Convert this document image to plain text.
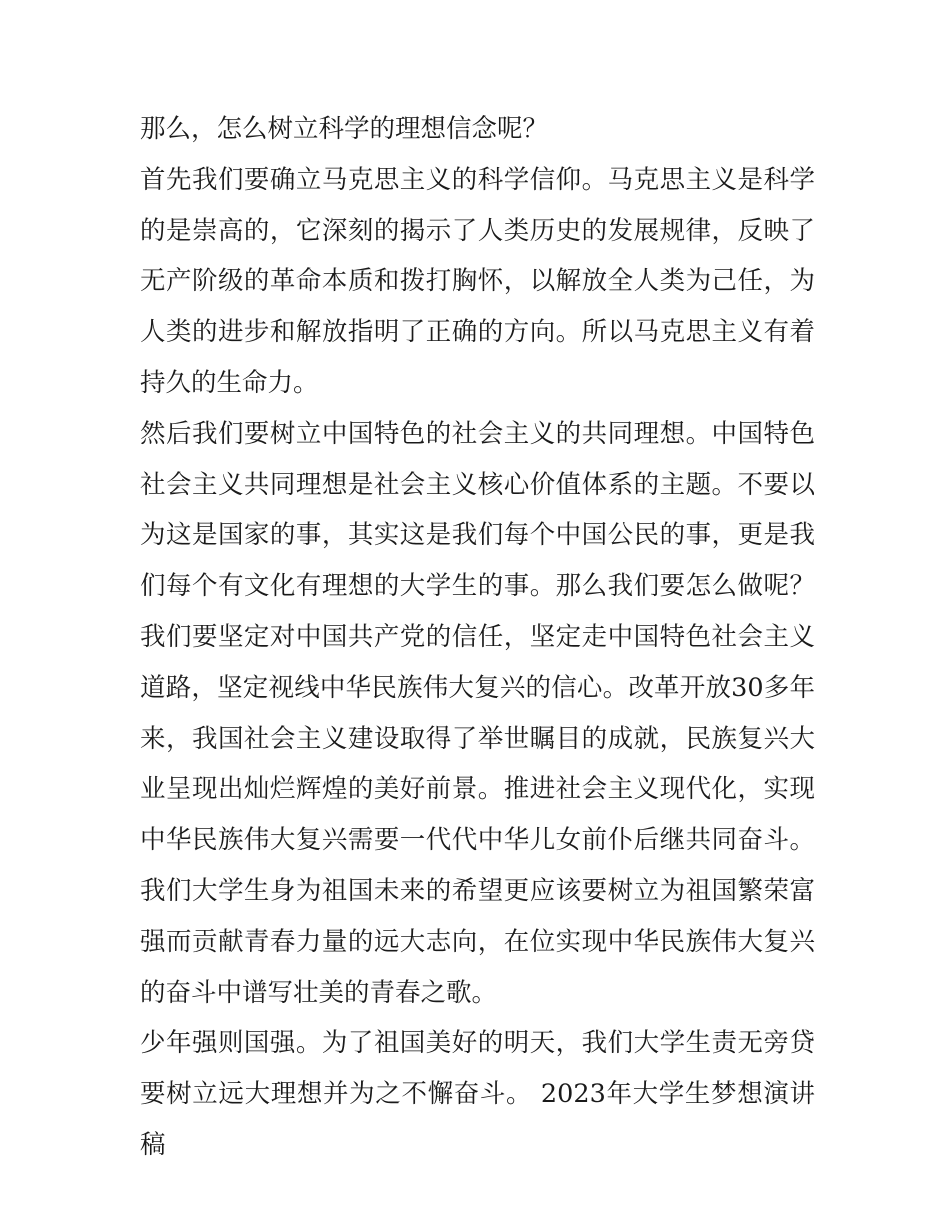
那么，怎么树立科学的理想信念呢？

首先我们要确立马克思主义的科学信仰。马克思主义是科学的是崇高的，它深刻的揭示了人类历史的发展规律，反映了无产阶级的革命本质和拨打胸怀，以解放全人类为己任，为人类的进步和解放指明了正确的方向。所以马克思主义有着持久的生命力。

然后我们要树立中国特色的社会主义的共同理想。中国特色社会主义共同理想是社会主义核心价值体系的主题。不要以为这是国家的事，其实这是我们每个中国公民的事，更是我们每个有文化有理想的大学生的事。那么我们要怎么做呢？我们要坚定对中国共产党的信任，坚定走中国特色社会主义道路，坚定视线中华民族伟大复兴的信心。改革开放30多年来，我国社会主义建设取得了举世瞩目的成就，民族复兴大业呈现出灿烂辉煌的美好前景。推进社会主义现代化，实现中华民族伟大复兴需要一代代中华儿女前仆后继共同奋斗。我们大学生身为祖国未来的希望更应该要树立为祖国繁荣富强而贡献青春力量的远大志向，在位实现中华民族伟大复兴的奋斗中谱写壮美的青春之歌。

少年强则国强。为了祖国美好的明天，我们大学生责无旁贷要树立远大理想并为之不懈奋斗。 2023年大学生梦想演讲稿
